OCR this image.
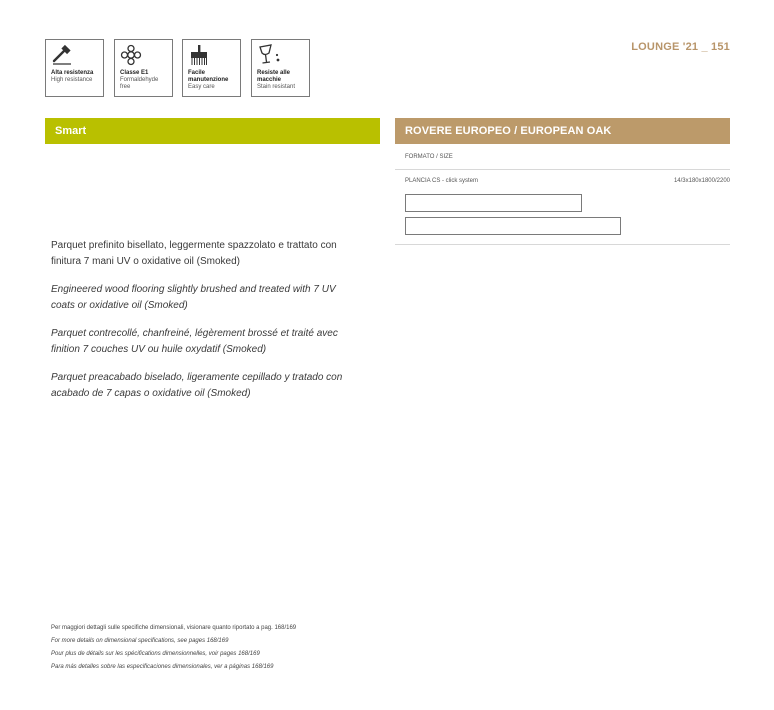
LOUNGE '21 _ 151
Alta resistenza
High resistance
Classe E1
Formaldehyde free
Facile manutenzione
Easy care
Resiste alle macchie
Stain resistant
Smart
Parquet prefinito bisellato, leggermente spazzolato e trattato con finitura 7 mani UV o oxidative oil (Smoked)
Engineered wood flooring slightly brushed and treated with 7 UV coats or oxidative oil (Smoked)
Parquet contrecollé, chanfreiné, légèrement brossé et traité avec finition 7 couches UV ou huile oxydatif (Smoked)
Parquet preacabado biselado, ligeramente cepillado y tratado con acabado de 7 capas o oxidative oil (Smoked)
ROVERE EUROPEO / EUROPEAN OAK
FORMATO / SIZE
PLANCIA CS - click system	14/3x180x1800/2200
Per maggiori dettagli sulle specifiche dimensionali, visionare quanto riportato a pag. 168/169
For more details on dimensional specifications, see pages 168/169
Pour plus de détails sur les spécifications dimensionnelles, voir pages 168/169
Para más detalles sobre las especificaciones dimensionales, ver a páginas 168/169
